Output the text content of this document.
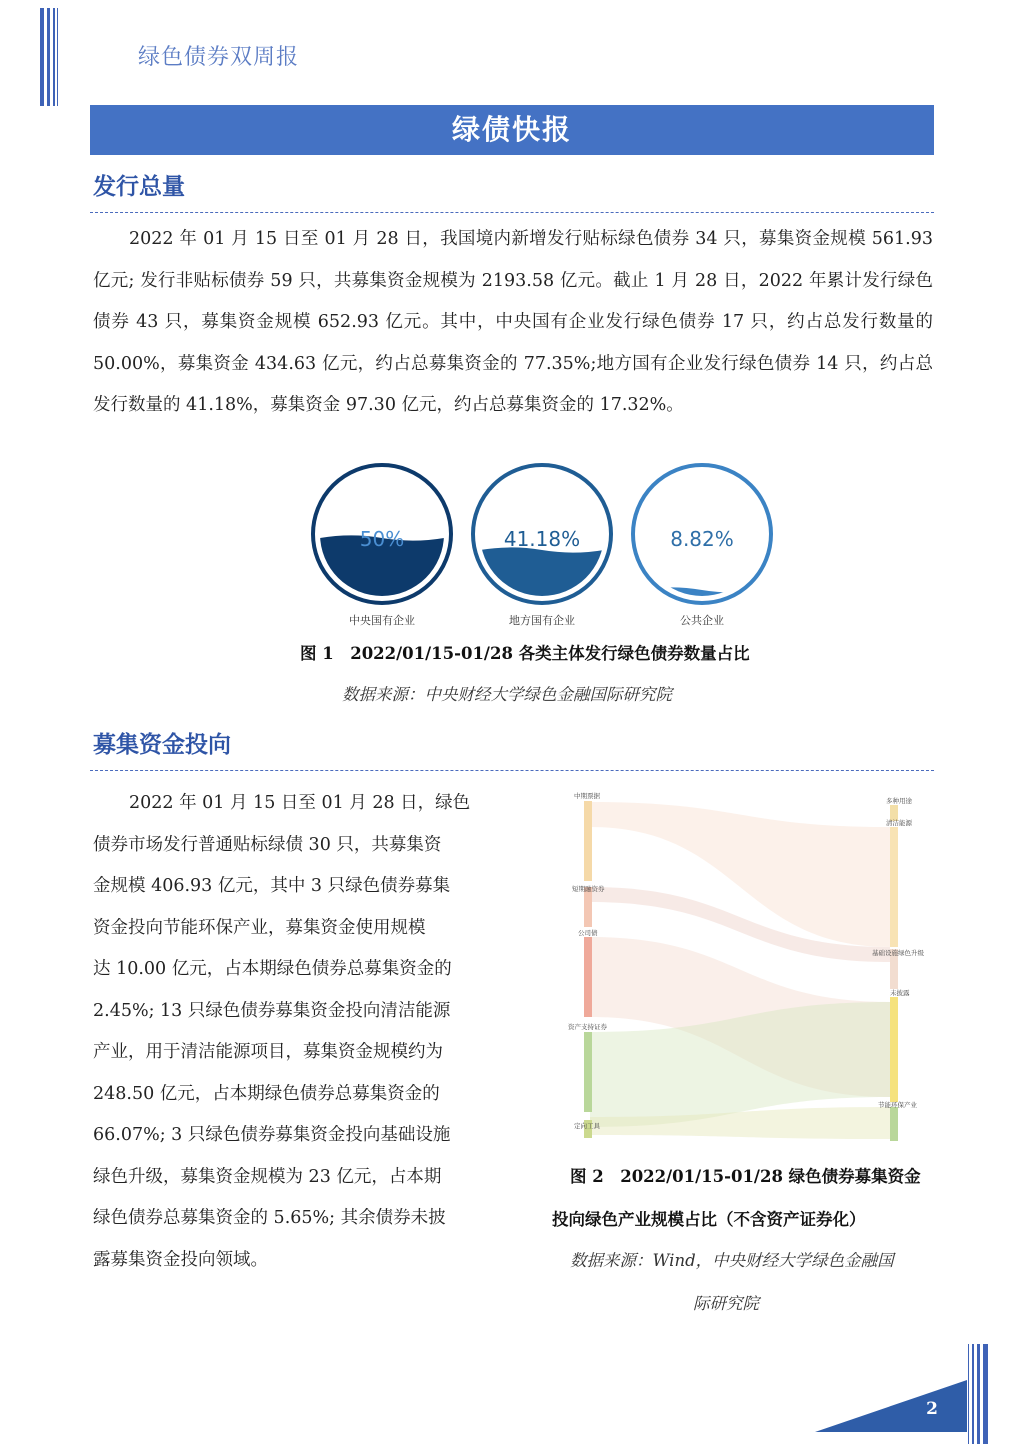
绿色债券双周报
绿债快报
发行总量

2022 年 01 月 15 日至 01 月 28 日，我国境内新增发行贴标绿色债券 34 只，募集资金规模 561.93 亿元; 发行非贴标债券 59 只，共募集资金规模为 2193.58 亿元。截止 1 月 28 日，2022 年累计发行绿色债券 43 只，募集资金规模 652.93 亿元。其中，中央国有企业发行绿色债券 17 只，约占总发行数量的 50.00%，募集资金 434.63 亿元，约占总募集资金的 77.35%;地方国有企业发行绿色债券 14 只，约占总发行数量的 41.18%，募集资金 97.30 亿元，约占总募集资金的 17.32%。

50%
中央国有企业
41.18%
地方国有企业
8.82%
公共企业
图 1　2022/01/15-01/28 各类主体发行绿色债券数量占比
数据来源：中央财经大学绿色金融国际研究院
募集资金投向
2022 年 01 月 15 日至 01 月 28 日，绿色
债券市场发行普通贴标绿债 30 只，共募集资
金规模 406.93 亿元，其中 3 只绿色债券募集
资金投向节能环保产业，募集资金使用规模
达 10.00 亿元，占本期绿色债券总募集资金的
2.45%; 13 只绿色债券募集资金投向清洁能源
产业，用于清洁能源项目，募集资金规模约为
248.50 亿元，占本期绿色债券总募集资金的
66.07%; 3 只绿色债券募集资金投向基础设施
绿色升级，募集资金规模为 23 亿元，占本期
绿色债券总募集资金的 5.65%; 其余债券未披
露募集资金投向领域。
中期票据
短期融资券
公司债
资产支持证券
定向工具
多种用途
清洁能源
基础设施绿色升级
未披露
节能环保产业
图 2　2022/01/15-01/28 绿色债券募集资金
投向绿色产业规模占比（不含资产证券化）
数据来源：Wind，中央财经大学绿色金融国
际研究院
2
